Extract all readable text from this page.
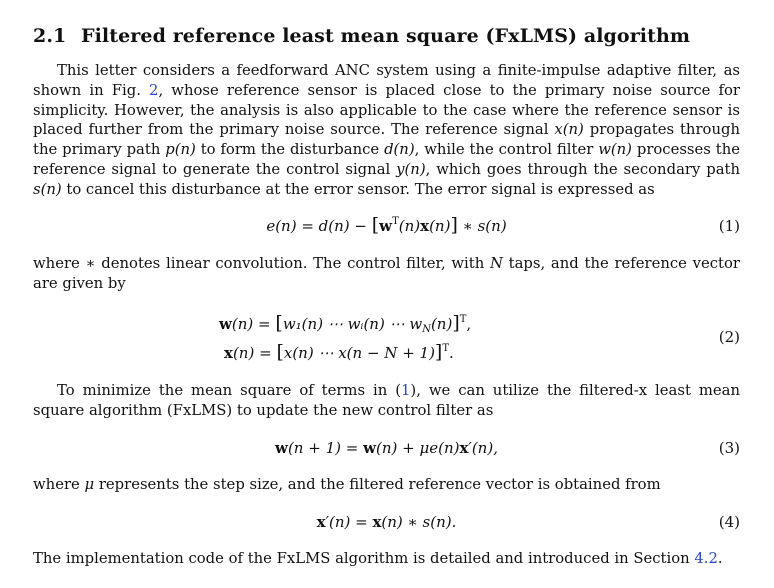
2.1 Filtered reference least mean square (FxLMS) algorithm
This letter considers a feedforward ANC system using a finite-impulse adaptive filter, as shown in Fig. 2, whose reference sensor is placed close to the primary noise source for simplicity. However, the analysis is also applicable to the case where the reference sensor is placed further from the primary noise source. The reference signal x(n) propagates through the primary path p(n) to form the disturbance d(n), while the control filter w(n) processes the reference signal to generate the control signal y(n), which goes through the secondary path s(n) to cancel this disturbance at the error sensor. The error signal is expressed as
$e(n) = d(n) - [w^T(n)x(n)]$ ∗ s(n)	(1)
where ∗ denotes linear convolution. The control filter, with N taps, and the reference vector are given by
w(n) = [w₁(n) ⋯ wᵢ(n) ⋯ $w_N(n)]^T$,
x(n) = [x(n) ⋯ x(n − N + 1)]$^T$.
(2)
To minimize the mean square of terms in (1), we can utilize the filtered-x least mean square algorithm (FxLMS) to update the new control filter as
w(n + 1) = w(n) + μe(n)x′(n),	(3)
where μ represents the step size, and the filtered reference vector is obtained from
x′(n) = x(n) ∗ s(n).	(4)
The implementation code of the FxLMS algorithm is detailed and introduced in Section 4.2.
